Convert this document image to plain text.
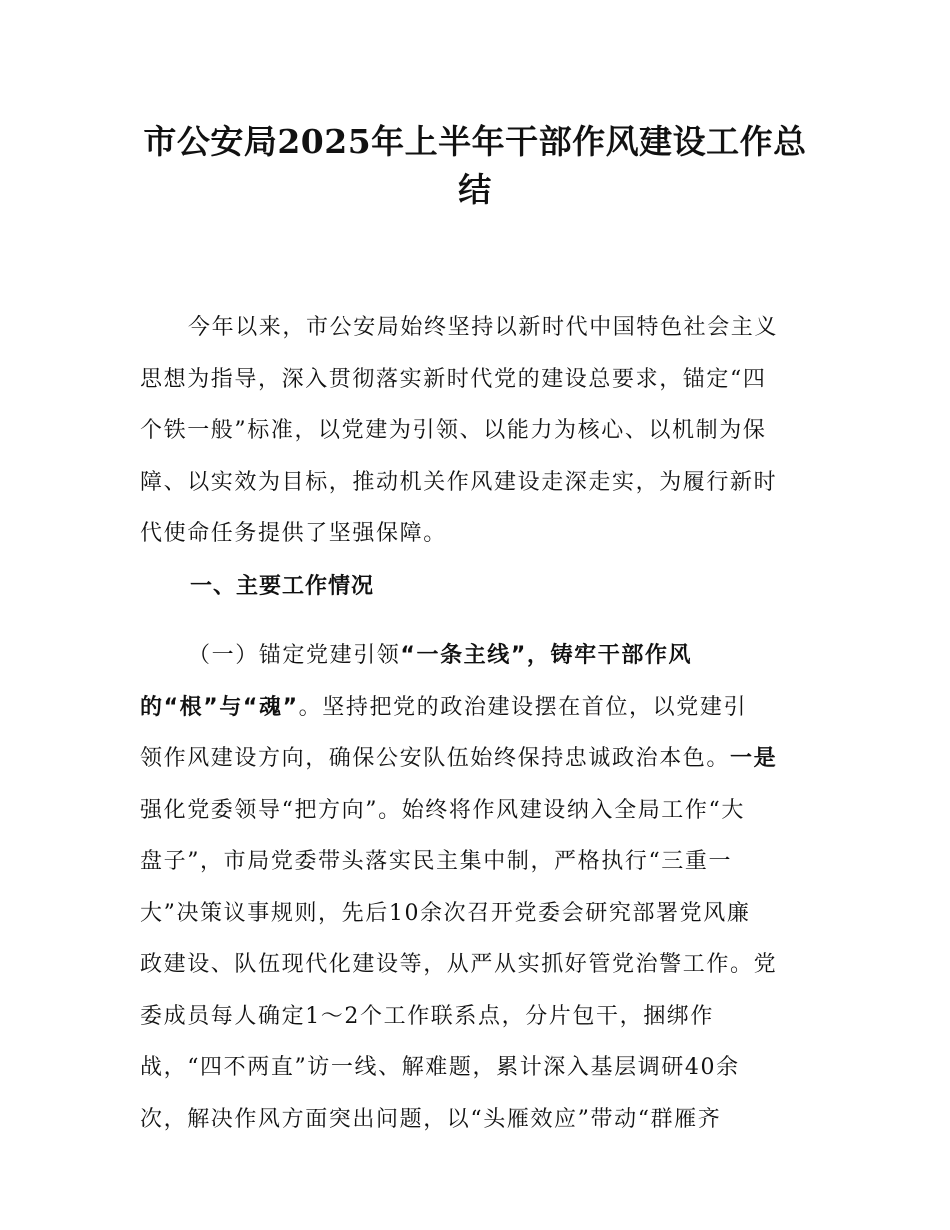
市公安局2025年上半年干部作风建设工作总
结
今年以来，市公安局始终坚持以新时代中国特色社会主义
思想为指导，深入贯彻落实新时代党的建设总要求，锚定“四
个铁一般”标准，以党建为引领、以能力为核心、以机制为保
障、以实效为目标，推动机关作风建设走深走实，为履行新时
代使命任务提供了坚强保障。
一、主要工作情况
（一）锚定党建引领“一条主线”，铸牢干部作风
的“根”与“魂”。坚持把党的政治建设摆在首位，以党建引
领作风建设方向，确保公安队伍始终保持忠诚政治本色。一是
强化党委领导“把方向”。始终将作风建设纳入全局工作“大
盘子”，市局党委带头落实民主集中制，严格执行“三重一
大”决策议事规则，先后10余次召开党委会研究部署党风廉
政建设、队伍现代化建设等，从严从实抓好管党治警工作。党
委成员每人确定1～2个工作联系点，分片包干，捆绑作
战，“四不两直”访一线、解难题，累计深入基层调研40余
次，解决作风方面突出问题，以“头雁效应”带动“群雁齐
